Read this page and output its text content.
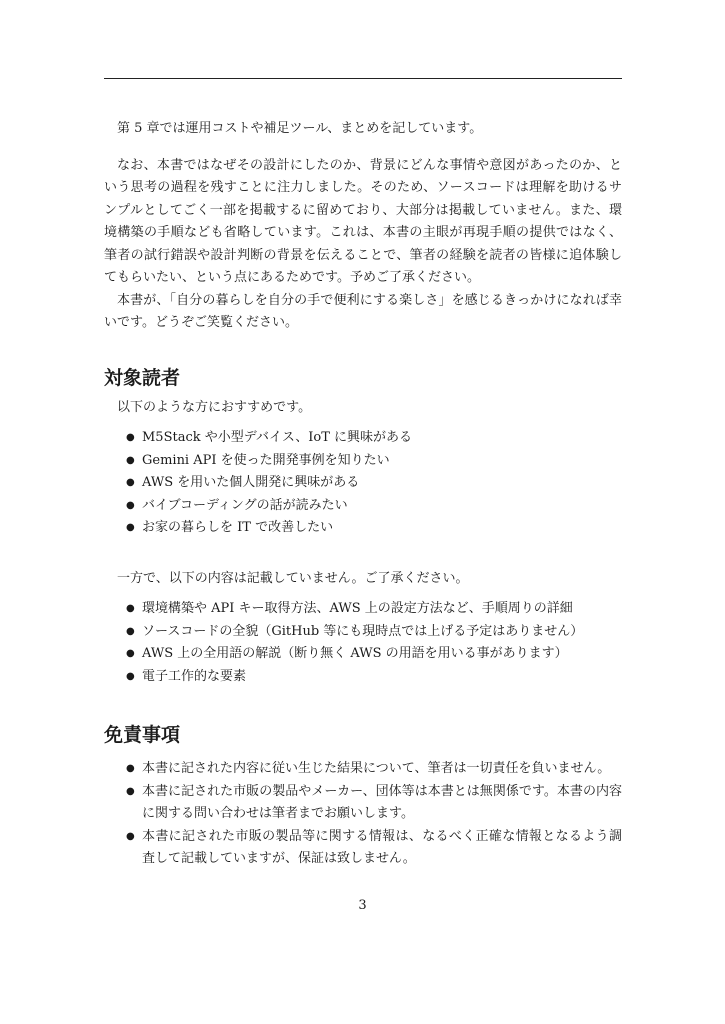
第 5 章では運用コストや補足ツール、まとめを記しています。

なお、本書ではなぜその設計にしたのか、背景にどんな事情や意図があったのか、という思考の過程を残すことに注力しました。そのため、ソースコードは理解を助けるサンプルとしてごく一部を掲載するに留めており、大部分は掲載していません。また、環境構築の手順なども省略しています。これは、本書の主眼が再現手順の提供ではなく、筆者の試行錯誤や設計判断の背景を伝えることで、筆者の経験を読者の皆様に追体験してもらいたい、という点にあるためです。予めご了承ください。

本書が、「自分の暮らしを自分の手で便利にする楽しさ」を感じるきっかけになれば幸いです。どうぞご笑覧ください。

対象読者

以下のような方におすすめです。

● M5Stack や小型デバイス、IoT に興味がある
● Gemini API を使った開発事例を知りたい
● AWS を用いた個人開発に興味がある
● バイブコーディングの話が読みたい
● お家の暮らしを IT で改善したい

一方で、以下の内容は記載していません。ご了承ください。

● 環境構築や API キー取得方法、AWS 上の設定方法など、手順周りの詳細
● ソースコードの全貌（GitHub 等にも現時点では上げる予定はありません）
● AWS 上の全用語の解説（断り無く AWS の用語を用いる事があります）
● 電子工作的な要素
免責事項
● 本書に記された内容に従い生じた結果について、筆者は一切責任を負いません。
● 本書に記された市販の製品やメーカー、団体等は本書とは無関係です。本書の内容に関する問い合わせは筆者までお願いします。
● 本書に記された市販の製品等に関する情報は、なるべく正確な情報となるよう調査して記載していますが、保証は致しません。
3
